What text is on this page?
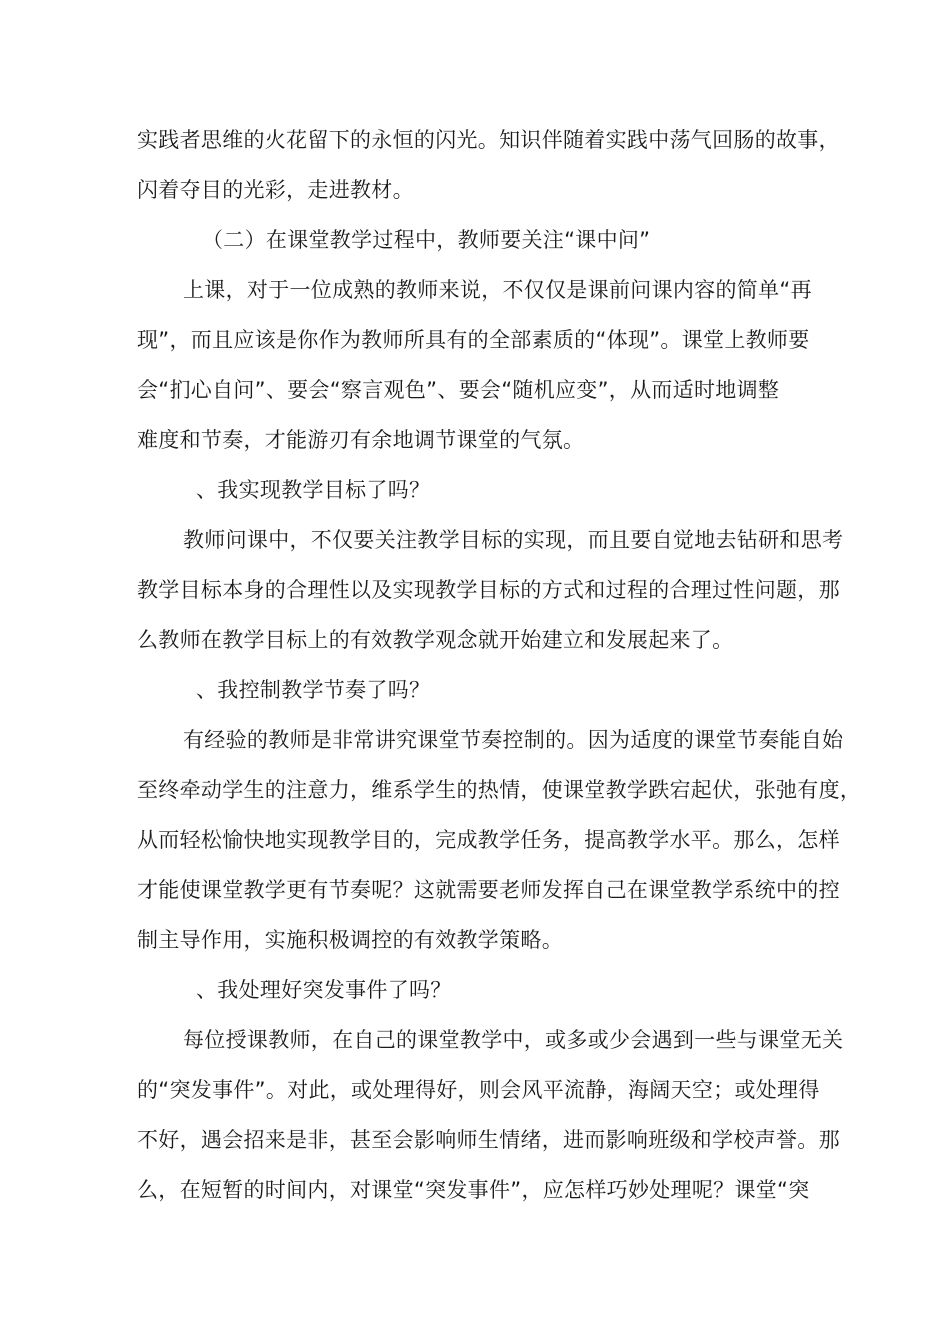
实践者思维的火花留下的永恒的闪光。知识伴随着实践中荡气回肠的故事，

闪着夺目的光彩，走进教材。

（二）在课堂教学过程中，教师要关注“课中问”

上课，对于一位成熟的教师来说，不仅仅是课前问课内容的简单“再

现”，而且应该是你作为教师所具有的全部素质的“体现”。课堂上教师要

会“扪心自问”、要会“察言观色”、要会“随机应变”，从而适时地调整

难度和节奏，才能游刃有余地调节课堂的气氛。

、我实现教学目标了吗？

教师问课中，不仅要关注教学目标的实现，而且要自觉地去钻研和思考

教学目标本身的合理性以及实现教学目标的方式和过程的合理过性问题，那

么教师在教学目标上的有效教学观念就开始建立和发展起来了。

、我控制教学节奏了吗？

有经验的教师是非常讲究课堂节奏控制的。因为适度的课堂节奏能自始

至终牵动学生的注意力，维系学生的热情，使课堂教学跌宕起伏，张弛有度，

从而轻松愉快地实现教学目的，完成教学任务，提高教学水平。那么，怎样

才能使课堂教学更有节奏呢？这就需要老师发挥自己在课堂教学系统中的控

制主导作用，实施积极调控的有效教学策略。

、我处理好突发事件了吗？

每位授课教师，在自己的课堂教学中，或多或少会遇到一些与课堂无关

的“突发事件”。对此，或处理得好，则会风平流静，海阔天空；或处理得

不好，遇会招来是非，甚至会影响师生情绪，进而影响班级和学校声誉。那

么，在短暂的时间内，对课堂“突发事件”，应怎样巧妙处理呢？课堂“突
